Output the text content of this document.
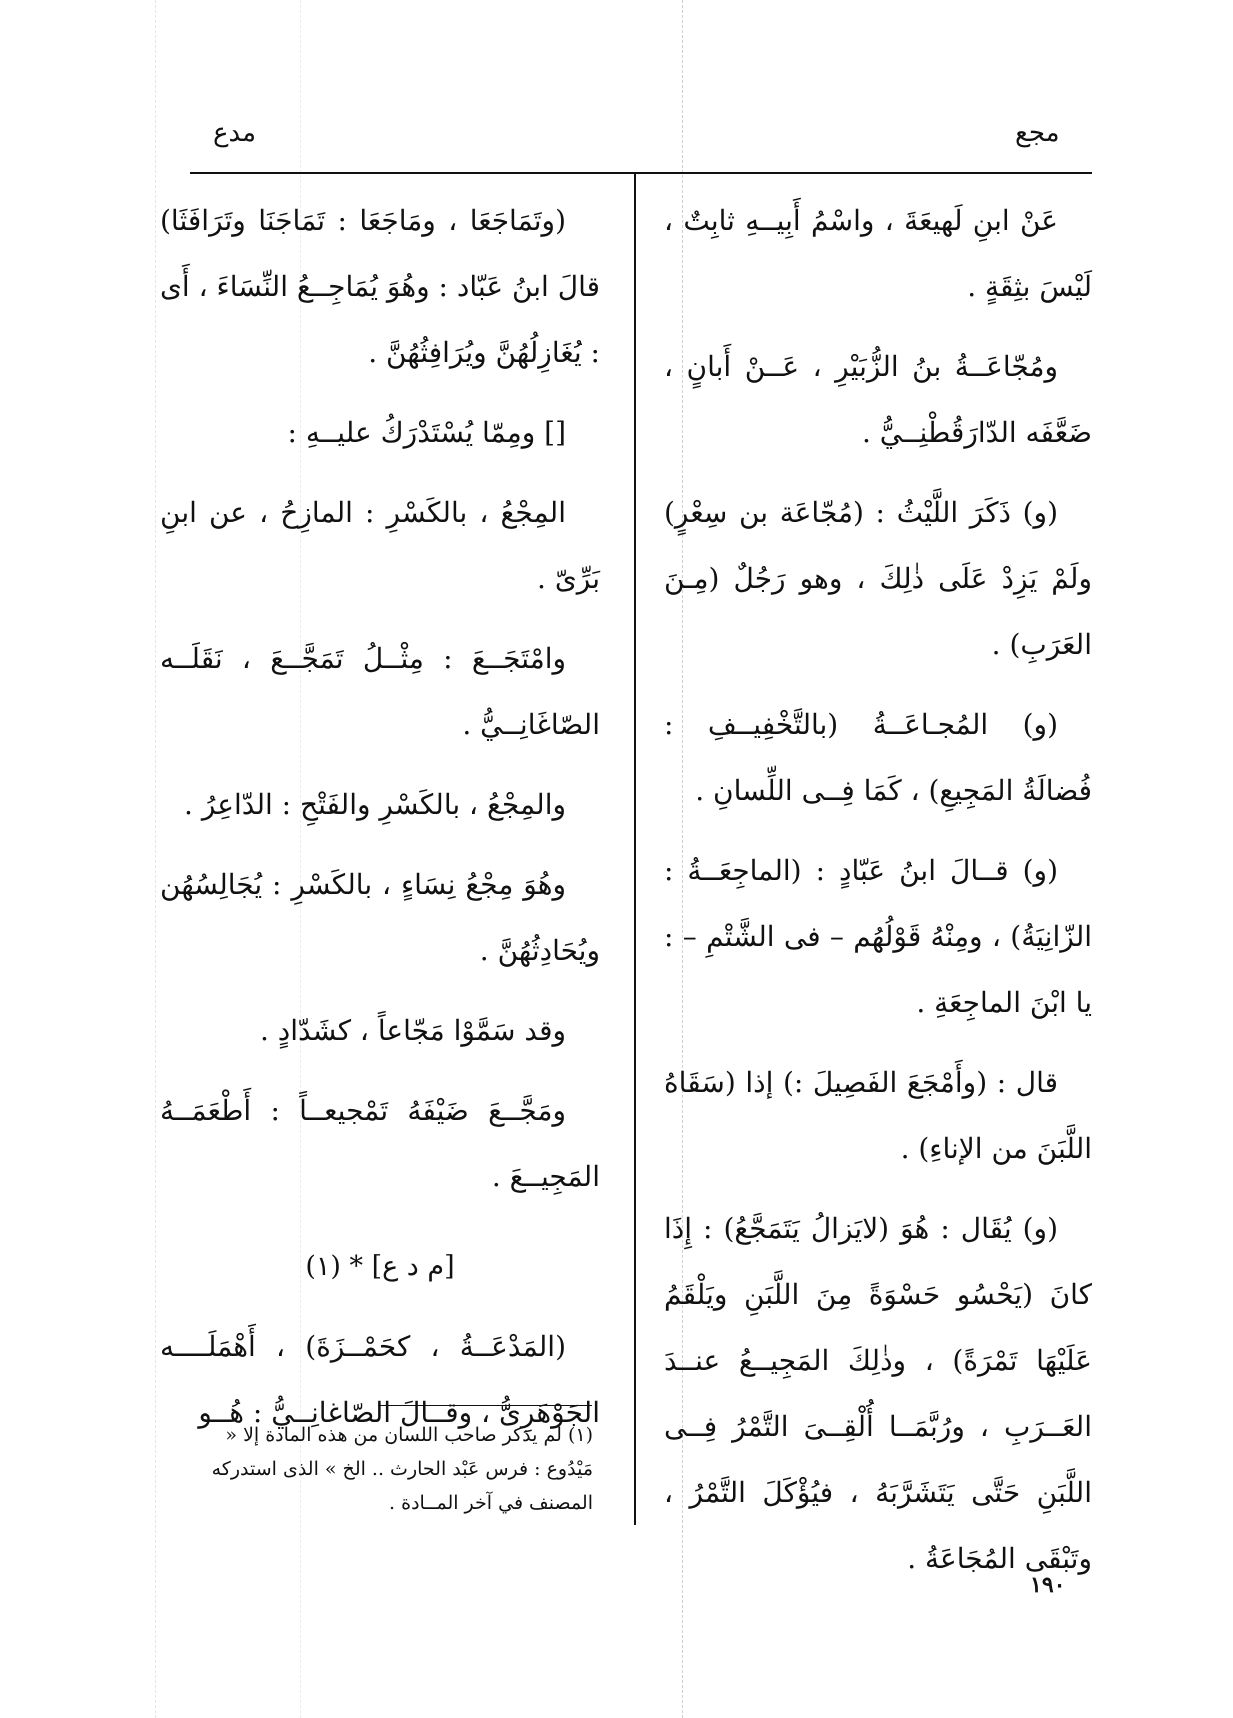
مجع
مدع

عَنْ ابنِ لَهيعَةَ ، واسْمُ أَبِيــهِ ثابِتٌ ، لَيْسَ بثِقَةٍ .

ومُجّاعَــةُ بنُ الزُّبَيْرِ ، عَــنْ أَبانٍ ، ضَعَّفَه الدّارَقُطْنِــيُّ .

(و) ذَكَرَ اللَّيْثُ : (مُجّاعَة بن سِعْرٍ) ولَمْ يَزِدْ عَلَى ذٰلِكَ ، وهو رَجُلٌ (مِـنَ العَرَبِ) .

(و) المُجـاعَــةُ (بالتَّخْفِيــفِ : فُضالَةُ المَجِيعِ) ، كَمَا فِــى اللِّسانِ .

(و) قــالَ ابنُ عَبّادٍ : (الماجِعَــةُ : الزّانِيَةُ) ، ومِنْهُ قَوْلُهُم – فى الشَّتْمِ – : يا ابْنَ الماجِعَةِ .

قال : (وأَمْجَعَ الفَصِيلَ :) إذا (سَقَاهُ اللَّبَنَ من الإناءِ) .

(و) يُقَال : هُوَ (لايَزالُ يَتَمَجَّعُ) : إِذَا كانَ (يَحْسُو حَسْوَةً مِنَ اللَّبَنِ ويَلْقَمُ عَلَيْهَا تَمْرَةً) ، وذٰلِكَ المَجِيــعُ عنــدَ العَــرَبِ ، ورُبَّمَــا أُلْقِــىَ التَّمْرُ فِــى اللَّبَنِ حَتَّى يَتَشَرَّبَهُ ، فيُؤْكَلَ التَّمْرُ ، وتَبْقَى المُجَاعَةُ .

(وتَمَاجَعَا ، ومَاجَعَا : تَمَاجَنَا وتَرَافَثَا) قالَ ابنُ عَبّاد : وهُوَ يُمَاجِــعُ النِّسَاءَ ، أَى : يُغَازِلُهُنَّ ويُرَافِثُهُنَّ .

[] ومِمّا يُسْتَدْرَكُ عليــهِ :

المِجْعُ ، بالكَسْرِ : المازِحُ ، عن ابنِ بَرِّىّ .

وامْتَجَــعَ : مِثْــلُ تَمَجَّــعَ ، نَقَلَــه الصّاغَانِــيُّ .

والمِجْعُ ، بالكَسْرِ والفَتْحِ : الدّاعِرُ .

وهُوَ مِجْعُ نِسَاءٍ ، بالكَسْرِ : يُجَالِسُهُن ويُحَادِثُهُنَّ .

وقد سَمَّوْا مَجّاعاً ، كشَدّادٍ .

ومَجَّــعَ ضَيْفَهُ تَمْجيعــاً : أَطْعَمَــهُ المَجِيــعَ .

[م د ع] * (١)

(المَدْعَــةُ ، كحَمْــزَةَ) ، أَهْمَلَــــه الجَوْهَرِىُّ ، وقــالَ الصّاغانِــيُّ : هُــو

(١) لم يذكر صاحب اللسان من هذه المادة إلا « مَيْدُوع : فرس عَبْد الحارث .. الخ » الذى استدركه المصنف في آخر المــادة .
١٩٠
